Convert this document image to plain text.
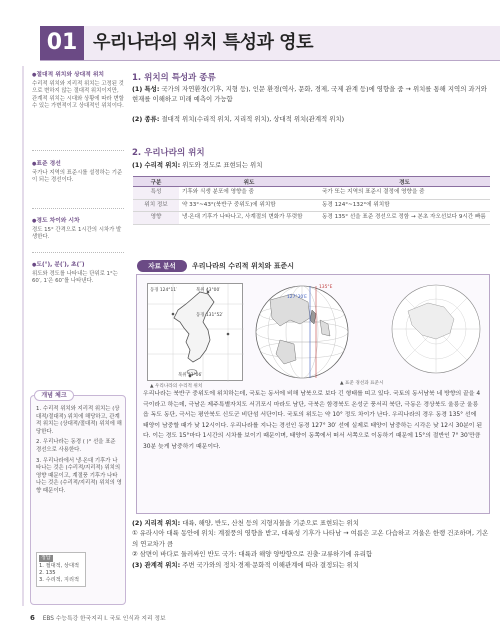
01 우리나라의 위치 특성과 영토
● 절대적 위치와 상대적 위치
수리적 위치와 지리적 위치는 고정된 것으로 변하지 않는 절대적 위치이지만, 관계적 위치는 시대와 상황에 따라 변할 수 있는 가변적이고 상대적인 위치이다.
● 표준 경선
국가나 지역의 표준시를 설정하는 기준이 되는 경선이다.
● 경도 차이와 시차
경도 15° 간격으로 1시간의 시차가 발생한다.
● 도(°), 분(′), 초(″)
위도와 경도를 나타내는 단위로 1°는 60′, 1′은 60″를 나타낸다.
개념 체크

1. 수리적 위치와 지리적 위치는 (상대적/절대적) 위치에 해당하고, 관계적 위치는 (상대적/절대적) 위치에 해당한다.

2. 우리나라는 동경 ( )° 선을 표준 경선으로 사용한다.

3. 우리나라에서 냉·온대 기후가 나타나는 것은 (수리적/지리적) 위치의 영향 때문이고, 계절풍 기후가 나타나는 것은 (수리적/지리적) 위치의 영향 때문이다.

정답
1. 절대적, 상대적
2. 135
3. 수리적, 지리적
1. 위치의 특성과 종류
(1) 특성: 국가의 자연환경(기후, 지형 등), 인문 환경(역사, 문화, 경제, 국제 관계 등)에 영향을 줌 → 위치를 통해 지역의 과거와 현재를 이해하고 미래 예측이 가능함
(2) 종류: 절대적 위치(수리적 위치, 지리적 위치), 상대적 위치(관계적 위치)
2. 우리나라의 위치
(1) 수리적 위치: 위도와 경도로 표현되는 위치
구분	위도	경도
특성	기후와 식생 분포에 영향을 줌	국가 또는 지역의 표준시 결정에 영향을 줌
위치 정보	약 33°~43°(북반구 중위도)에 위치함	동경 124°~132°에 위치함
영향	냉·온대 기후가 나타나고, 사계절의 변화가 뚜렷함	동경 135° 선을 표준 경선으로 정함 → 본초 자오선보다 9시간 빠름
자료 분석	우리나라의 수리적 위치와 표준시
동경 124°11′
동경 131°52′
북위 43°00′
북위 33°06′
▲ 우리나라의 수리적 위치
135°E
127°30′E
▲ 표준 경선과 표준시
우리나라는 북반구 중위도에 위치하는데, 국토는 동서에 비해 남북으로 보다 긴 형태를 띠고 있다. 국토의 동서남북 네 방향의 끝을 4극이라고 하는데, 극남은 제주특별자치도 서귀포시 마라도 남단, 극북은 함경북도 온성군 풍서리 북단, 극동은 경상북도 울릉군 울릉읍 독도 동단, 극서는 평안북도 신도군 비단섬 서단이다. 국토의 위도는 약 10° 정도 차이가 난다. 우리나라의 경우 동경 135° 선에 태양이 남중할 때가 낮 12시이다. 우리나라를 지나는 경선인 동경 127° 30′ 선에 실제로 태양이 남중하는 시각은 낮 12시 30분이 된다. 이는 경도 15°마다 1시간의 시차를 보이기 때문이며, 태양이 동쪽에서 떠서 서쪽으로 이동하기 때문에 15°의 절반인 7° 30′만큼 30분 늦게 남중하기 때문이다.
(2) 지리적 위치: 대륙, 해양, 반도, 산천 등의 지형지물을 기준으로 표현되는 위치
① 유라시아 대륙 동안에 위치: 계절풍의 영향을 받고, 대륙성 기후가 나타남 → 여름은 고온 다습하고 겨울은 한랭 건조하며, 기온의 연교차가 큼
② 삼면이 바다로 둘러싸인 반도 국가: 대륙과 해양 양방향으로 진출·교류하기에 유리함
(3) 관계적 위치: 주변 국가와의 정치·경제·문화적 이해관계에 따라 결정되는 위치
6 EBS 수능특강 한국지리 I. 국토 인식과 지리 정보
